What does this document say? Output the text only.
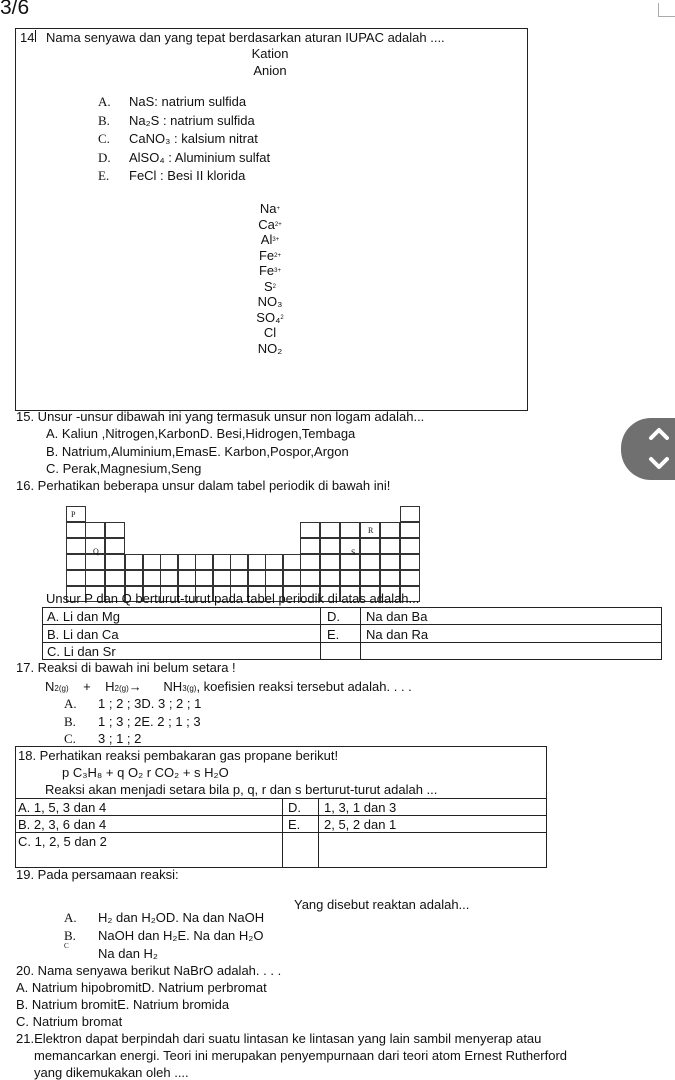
3/6
14 Nama senyawa dan yang tepat berdasarkan aturan IUPAC adalah ....
Kation
Anion
A. NaS: natrium sulfida
B. Na₂S : natrium sulfida
C. CaNO₃ : kalsium nitrat
D. AlSO₄ : Aluminium sulfat
E. FeCl : Besi II klorida
Na+
$Ca^{2+}$
$Al^{3+}$
$Fe^{2+}$
$Fe^{3+}$
$S^2$
NO₃
SO₄$^2$
Cl
NO₂
15. Unsur -unsur dibawah ini yang termasuk unsur non logam adalah...
A. Kaliun ,Nitrogen,KarbonD. Besi,Hidrogen,Tembaga
B. Natrium,Aluminium,EmasE. Karbon,Pospor,Argon
C. Perak,Magnesium,Seng
16. Perhatikan beberapa unsur dalam tabel periodik di bawah ini!
P
Q
R
S
Unsur P dan Q berturut-turut pada tabel periodik di atas adalah...
A. Li dan Mg	D. Na dan Ba
B. Li dan Ca	E. Na dan Ra
C. Li dan Sr
17. Reaksi di bawah ini belum setara !
N2(g) + H2(g)→ NH3(g), koefisien reaksi tersebut adalah. . . .
A. 1 ; 2 ; 3D. 3 ; 2 ; 1
B. 1 ; 3 ; 2E. 2 ; 1 ; 3
C. 3 ; 1 ; 2
18. Perhatikan reaksi pembakaran gas propane berikut!
p C₃H₈ + q O₂ r CO₂ + s H₂O
Reaksi akan menjadi setara bila p, q, r dan s berturut-turut adalah ...
A. 1, 5, 3 dan 4	D. 1, 3, 1 dan 3
B. 2, 3, 6 dan 4	E. 2, 5, 2 dan 1
C. 1, 2, 5 dan 2
19. Pada persamaan reaksi:
Yang disebut reaktan adalah...
A. H₂ dan H₂OD. Na dan NaOH
B. NaOH dan H₂E. Na dan H₂O
C Na dan H₂
20. Nama senyawa berikut NaBrO adalah. . . .
A. Natrium hipobromitD. Natrium perbromat
B. Natrium bromitE. Natrium bromida
C. Natrium bromat
21.Elektron dapat berpindah dari suatu lintasan ke lintasan yang lain sambil menyerap atau
memancarkan energi. Teori ini merupakan penyempurnaan dari teori atom Ernest Rutherford
yang dikemukakan oleh ....
